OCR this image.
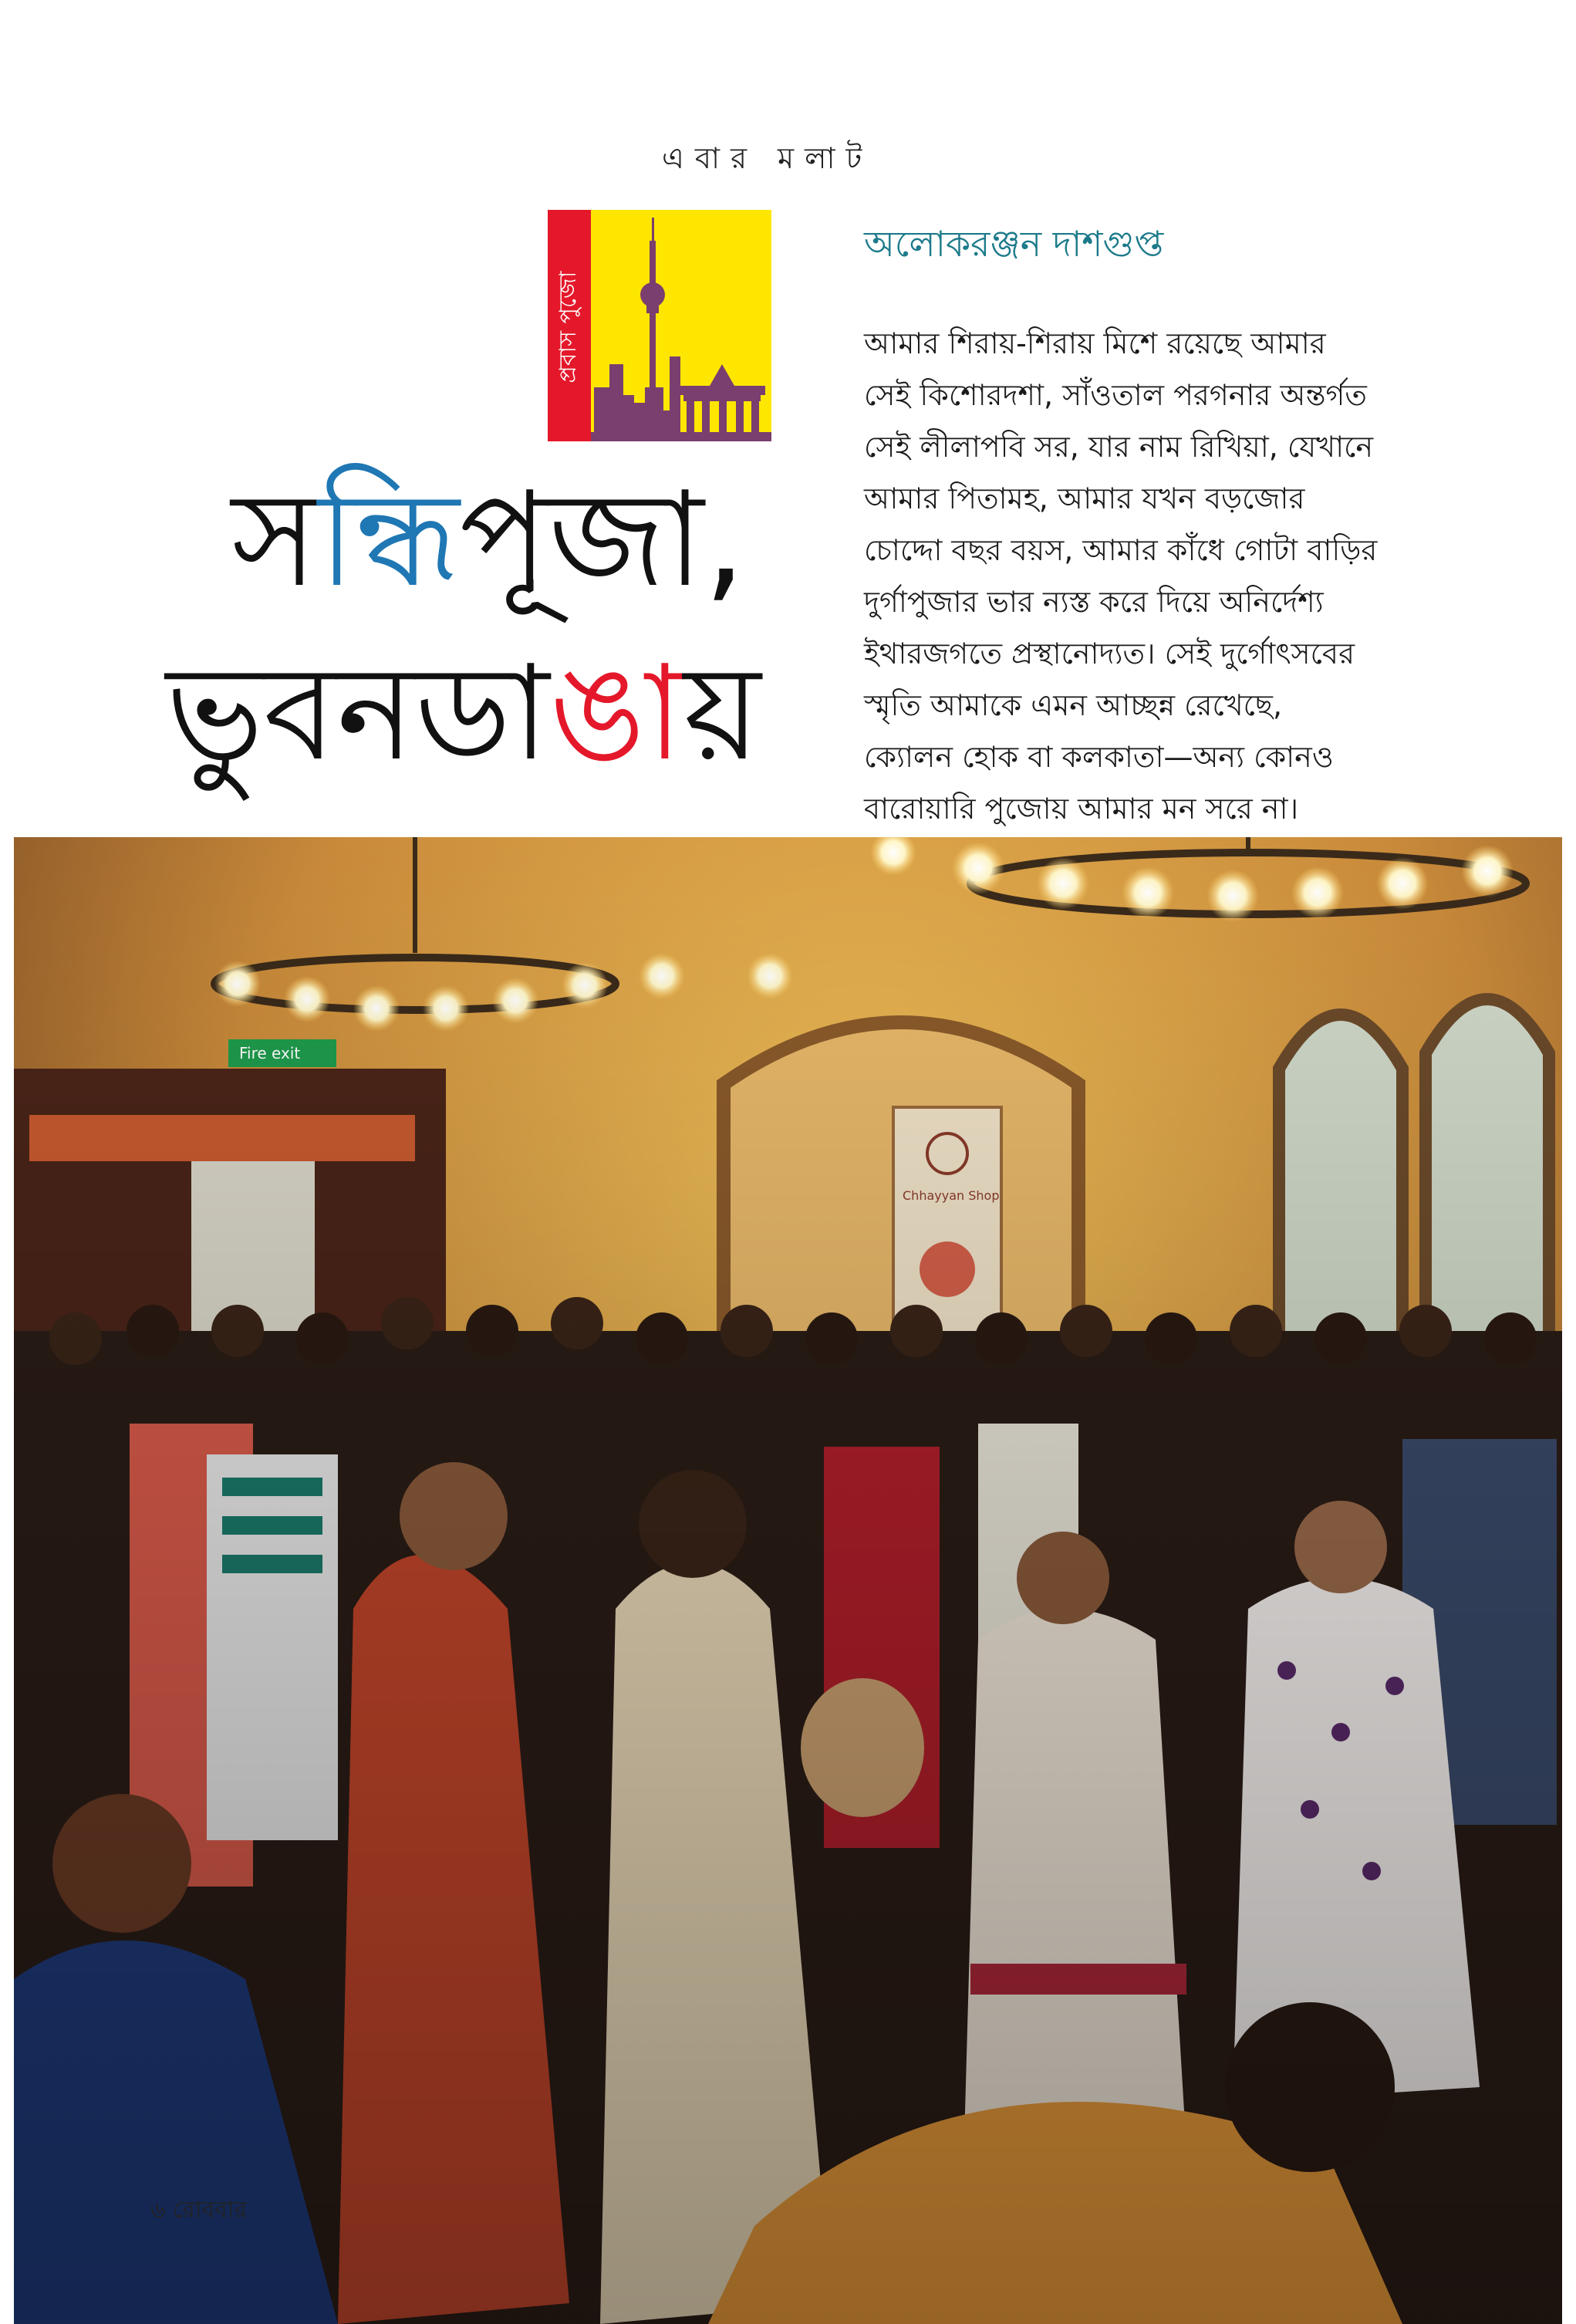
এবার মলাট
প্রবাস পুজো
সন্ধিপূজা,
ভুবনডাঙায়
অলোকরঞ্জন দাশগুপ্ত
আমার শিরায়-শিরায় মিশে রয়েছে আমার
সেই কিশোরদশা, সাঁওতাল পরগনার অন্তর্গত
সেই লীলাপবি সর, যার নাম রিখিয়া, যেখানে
আমার পিতামহ, আমার যখন বড়জোর
চোদ্দো বছর বয়স, আমার কাঁধে গোটা বাড়ির
দুর্গাপুজার ভার ন্যস্ত করে দিয়ে অনির্দেশ্য
ইথারজগতে প্রস্থানোদ্যত। সেই দুর্গোৎসবের
স্মৃতি আমাকে এমন আচ্ছন্ন রেখেছে,
ক্যোলন হোক বা কলকাতা—অন্য কোনও
বারোয়ারি পুজোয় আমার মন সরে না।
৬ রোববার
